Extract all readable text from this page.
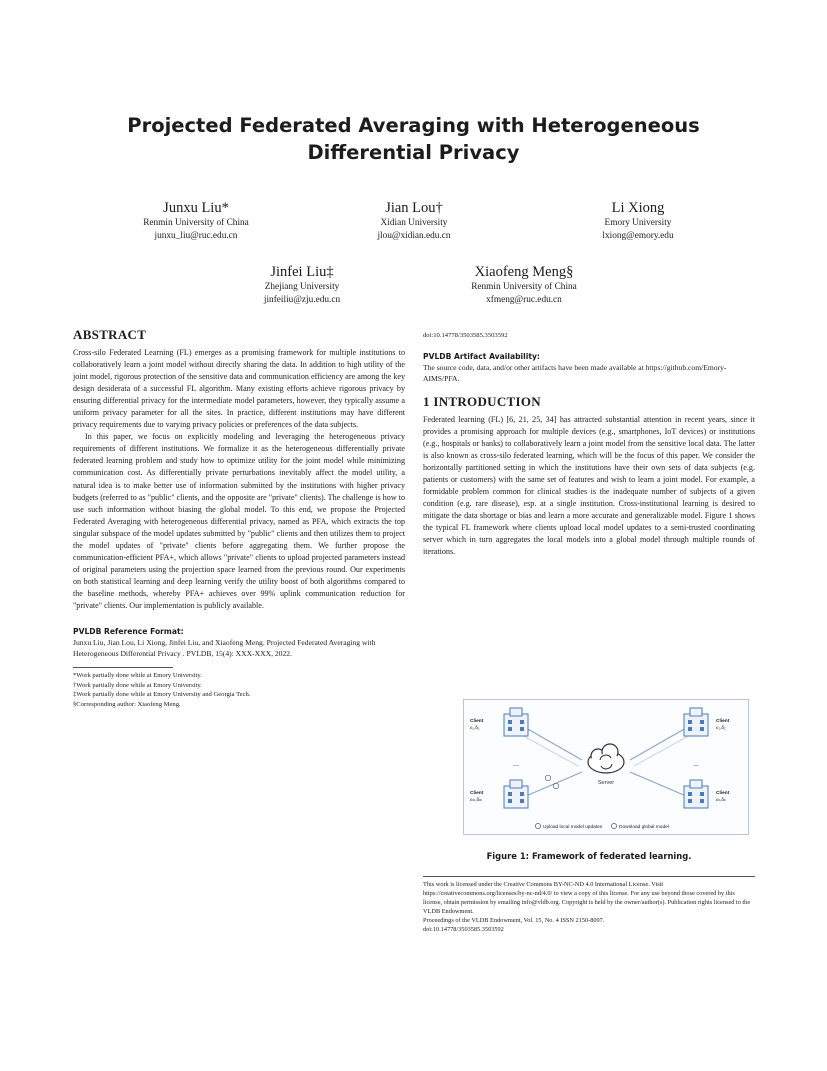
Projected Federated Averaging with Heterogeneous
Differential Privacy
Junxu Liu*
Renmin University of China
junxu_liu@ruc.edu.cn
Jian Lou†
Xidian University
jlou@xidian.edu.cn
Li Xiong
Emory University
lxiong@emory.edu
Jinfei Liu‡
Zhejiang University
jinfeiliu@zju.edu.cn
Xiaofeng Meng§
Renmin University of China
xfmeng@ruc.edu.cn
ABSTRACT

Cross-silo Federated Learning (FL) emerges as a promising framework for multiple institutions to collaboratively learn a joint model without directly sharing the data. In addition to high utility of the joint model, rigorous protection of the sensitive data and communication efficiency are among the key design desiderata of a successful FL algorithm. Many existing efforts achieve rigorous privacy by ensuring differential privacy for the intermediate model parameters, however, they typically assume a uniform privacy parameter for all the sites. In practice, different institutions may have different privacy requirements due to varying privacy policies or preferences of the data subjects.

In this paper, we focus on explicitly modeling and leveraging the heterogeneous privacy requirements of different institutions. We formalize it as the heterogeneous differentially private federated learning problem and study how to optimize utility for the joint model while minimizing communication cost. As differentially private perturbations inevitably affect the model utility, a natural idea is to make better use of information submitted by the institutions with higher privacy budgets (referred to as "public" clients, and the opposite are "private" clients). The challenge is how to use such information without biasing the global model. To this end, we propose the Projected Federated Averaging with heterogeneous differential privacy, named as PFA, which extracts the top singular subspace of the model updates submitted by "public" clients and then utilizes them to project the model updates of "private" clients before aggregating them. We further propose the communication-efficient PFA+, which allows "private" clients to upload projected parameters instead of original parameters using the projection space learned from the previous round. Our experiments on both statistical learning and deep learning verify the utility boost of both algorithms compared to the baseline methods, whereby PFA+ achieves over 99% uplink communication reduction for "private" clients. Our implementation is publicly available.

PVLDB Reference Format:

Junxu Liu, Jian Lou, Li Xiong, Jinfei Liu, and Xiaofeng Meng. Projected Federated Averaging with Heterogeneous Differential Privacy . PVLDB, 15(4): XXX-XXX, 2022.

*Work partially done while at Emory University.

†Work partially done while at Emory University.

‡Work partially done while at Emory University and Georgia Tech.

§Corresponding author: Xiaofeng Meng.

doi:10.14778/3503585.3503592

PVLDB Artifact Availability:

The source code, data, and/or other artifacts have been made available at https://github.com/Emory-AIMS/PFA.

1 INTRODUCTION

Federated learning (FL) [6, 21, 25, 34] has attracted substantial attention in recent years, since it provides a promising approach for multiple devices (e.g., smartphones, IoT devices) or institutions (e.g., hospitals or banks) to collaboratively learn a joint model from the sensitive local data. The latter is also known as cross-silo federated learning, which will be the focus of this paper. We consider the horizontally partitioned setting in which the institutions have their own sets of data subjects (e.g. patients or customers) with the same set of features and wish to learn a joint model. For example, a formidable problem common for clinical studies is the inadequate number of subjects of a given condition (e.g. rare disease), esp. at a single institution. Cross-institutional learning is desired to mitigate the data shortage or bias and learn a more accurate and generalizable model. Figure 1 shows the typical FL framework where clients upload local model updates to a semi-trusted coordinating server which in turn aggregates the local models into a global model through multiple rounds of iterations.

Server
Client
ε₁,δ₁
Client
ε₂,δ₂
Client
εₘ,δₘ
Client
εₙ,δₙ
...	...
Upload local model updates	Download global model
Figure 1: Framework of federated learning.

This work is licensed under the Creative Commons BY-NC-ND 4.0 International License. Visit https://creativecommons.org/licenses/by-nc-nd/4.0/ to view a copy of this license. For any use beyond those covered by this license, obtain permission by emailing info@vldb.org. Copyright is held by the owner/author(s). Publication rights licensed to the VLDB Endowment.

Proceedings of the VLDB Endowment, Vol. 15, No. 4 ISSN 2150-8097.

doi:10.14778/3503585.3503592
